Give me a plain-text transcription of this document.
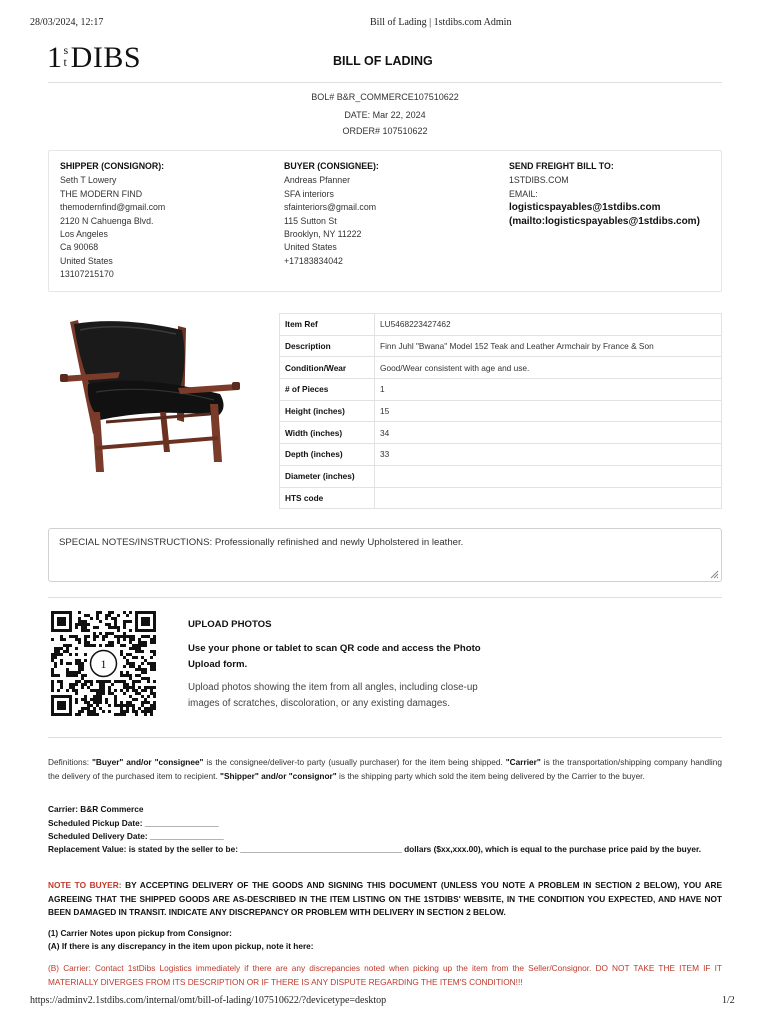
28/03/2024, 12:17	Bill of Lading | 1stdibs.com Admin
1 s
t DIBS	BILL OF LADING
BOL# B&R_COMMERCE107510622
DATE: Mar 22, 2024
ORDER# 107510622
SHIPPER (CONSIGNOR):
Seth T Lowery
THE MODERN FIND
themodernfind@gmail.com
2120 N Cahuenga Blvd.
Los Angeles
Ca 90068
United States
13107215170
BUYER (CONSIGNEE):
Andreas Pfanner
SFA interiors
sfainteriors@gmail.com
115 Sutton St
Brooklyn, NY 11222
United States
+17183834042
SEND FREIGHT BILL TO:
1STDIBS.COM
EMAIL:
logisticspayables@1stdibs.com
(mailto:logisticspayables@1stdibs.com)
Item Ref	LU5468223427462
Description	Finn Juhl "Bwana" Model 152 Teak and Leather Armchair by France & Son
Condition/Wear	Good/Wear consistent with age and use.
# of Pieces	1
Height (inches)	15
Width (inches)	34
Depth (inches)	33
Diameter (inches)	
HTS code	
SPECIAL NOTES/INSTRUCTIONS: Professionally refinished and newly Upholstered in leather.
1
UPLOAD PHOTOS
Use your phone or tablet to scan QR code and access the Photo
Upload form.
Upload photos showing the item from all angles, including close-up images of scratches, discoloration, or any existing damages.
Definitions: "Buyer" and/or "consignee" is the consignee/deliver-to party (usually purchaser) for the item being shipped. "Carrier" is the transportation/shipping company handling the delivery of the purchased item to recipient. "Shipper" and/or "consignor" is the shipping party which sold the item being delivered by the Carrier to the buyer.
Carrier: B&R Commerce
Scheduled Pickup Date: ________________
Scheduled Delivery Date: ________________
Replacement Value: is stated by the seller to be: ___________________________________ dollars ($xx,xxx.00), which is equal to the purchase price paid by the buyer.
NOTE TO BUYER: BY ACCEPTING DELIVERY OF THE GOODS AND SIGNING THIS DOCUMENT (UNLESS YOU NOTE A PROBLEM IN SECTION 2 BELOW), YOU ARE AGREEING THAT THE SHIPPED GOODS ARE AS-DESCRIBED IN THE ITEM LISTING ON THE 1STDIBS' WEBSITE, IN THE CONDITION YOU EXPECTED, AND HAVE NOT BEEN DAMAGED IN TRANSIT. INDICATE ANY DISCREPANCY OR PROBLEM WITH DELIVERY IN SECTION 2 BELOW.
(1) Carrier Notes upon pickup from Consignor:
(A) If there is any discrepancy in the item upon pickup, note it here:
(B) Carrier: Contact 1stDibs Logistics immediately if there are any discrepancies noted when picking up the item from the Seller/Consignor. DO NOT TAKE THE ITEM IF IT MATERIALLY DIVERGES FROM ITS DESCRIPTION OR IF THERE IS ANY DISPUTE REGARDING THE ITEM'S CONDITION!!!
https://adminv2.1stdibs.com/internal/omt/bill-of-lading/107510622/?devicetype=desktop	1/2
